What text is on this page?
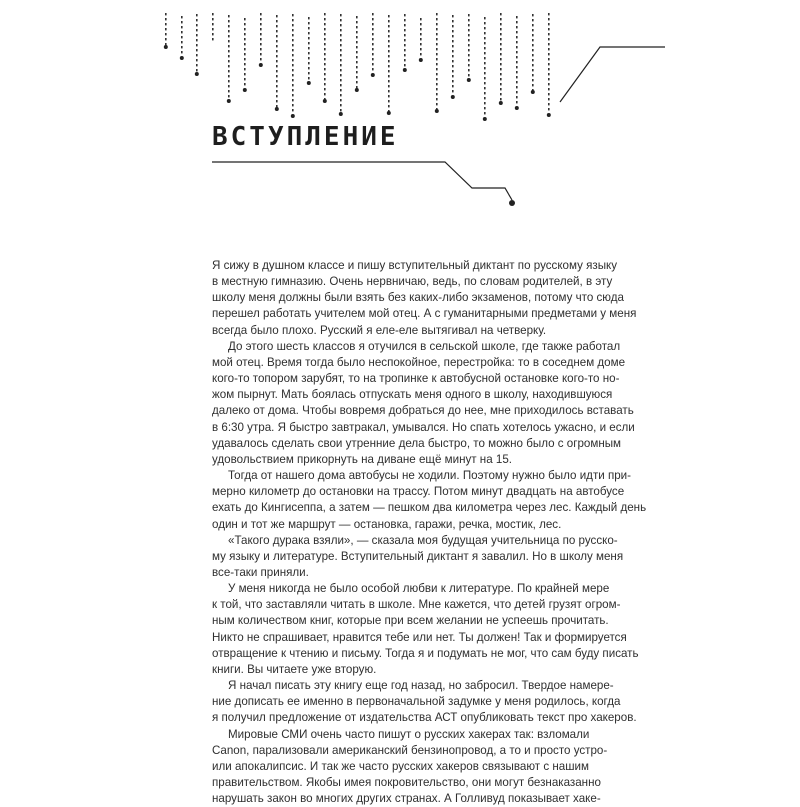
ВСТУПЛЕНИЕ
Я сижу в душном классе и пишу вступительный диктант по русскому языку
в местную гимназию. Очень нервничаю, ведь, по словам родителей, в эту
школу меня должны были взять без каких-либо экзаменов, потому что сюда
перешел работать учителем мой отец. А с гуманитарными предметами у меня
всегда было плохо. Русский я еле-еле вытягивал на четверку.
До этого шесть классов я отучился в сельской школе, где также работал
мой отец. Время тогда было неспокойное, перестройка: то в соседнем доме
кого-то топором зарубят, то на тропинке к автобусной остановке кого-то но-
жом пырнут. Мать боялась отпускать меня одного в школу, находившуюся
далеко от дома. Чтобы вовремя добраться до нее, мне приходилось вставать
в 6:30 утра. Я быстро завтракал, умывался. Но спать хотелось ужасно, и если
удавалось сделать свои утренние дела быстро, то можно было с огромным
удовольствием прикорнуть на диване ещё минут на 15.
Тогда от нашего дома автобусы не ходили. Поэтому нужно было идти при-
мерно километр до остановки на трассу. Потом минут двадцать на автобусе
ехать до Кингисеппа, а затем — пешком два километра через лес. Каждый день
один и тот же маршрут — остановка, гаражи, речка, мостик, лес.
«Такого дурака взяли», — сказала моя будущая учительница по русско-
му языку и литературе. Вступительный диктант я завалил. Но в школу меня
все-таки приняли.
У меня никогда не было особой любви к литературе. По крайней мере
к той, что заставляли читать в школе. Мне кажется, что детей грузят огром-
ным количеством книг, которые при всем желании не успеешь прочитать.
Никто не спрашивает, нравится тебе или нет. Ты должен! Так и формируется
отвращение к чтению и письму. Тогда я и подумать не мог, что сам буду писать
книги. Вы читаете уже вторую.
Я начал писать эту книгу еще год назад, но забросил. Твердое намере-
ние дописать ее именно в первоначальной задумке у меня родилось, когда
я получил предложение от издательства АСТ опубликовать текст про хакеров.
Мировые СМИ очень часто пишут о русских хакерах так: взломали
Canon, парализовали американский бензинопровод, а то и просто устро-
или апокалипсис. И так же часто русских хакеров связывают с нашим
правительством. Якобы имея покровительство, они могут безнаказанно
нарушать закон во многих других странах. А Голливуд показывает хаке-
